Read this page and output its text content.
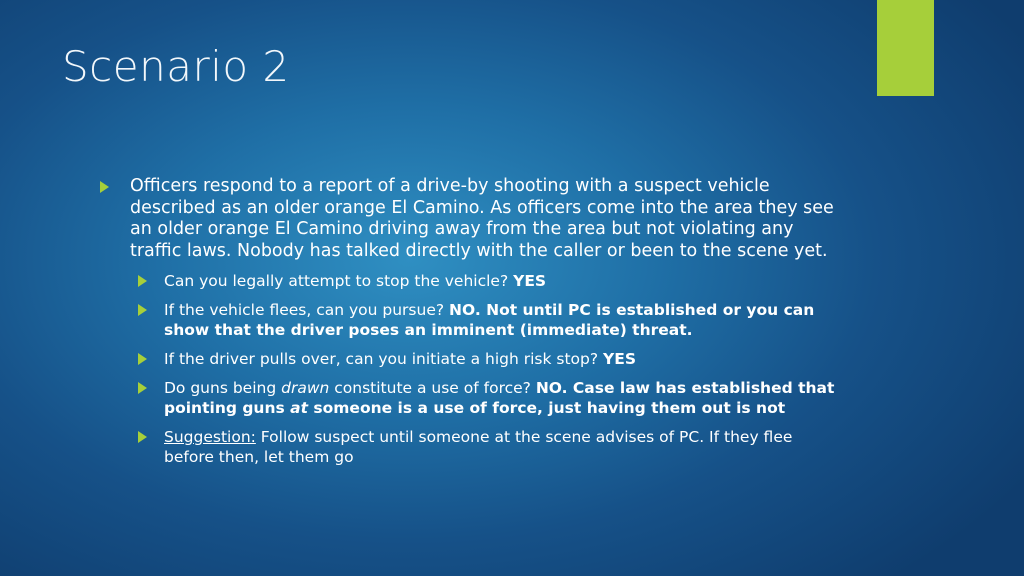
Scenario 2
Officers respond to a report of a drive-by shooting with a suspect vehicle described as an older orange El Camino. As officers come into the area they see an older orange El Camino driving away from the area but not violating any traffic laws. Nobody has talked directly with the caller or been to the scene yet.
Can you legally attempt to stop the vehicle? YES
If the vehicle flees, can you pursue? NO. Not until PC is established or you can show that the driver poses an imminent (immediate) threat.
If the driver pulls over, can you initiate a high risk stop? YES
Do guns being drawn constitute a use of force? NO. Case law has established that pointing guns at someone is a use of force, just having them out is not
Suggestion: Follow suspect until someone at the scene advises of PC. If they flee before then, let them go
